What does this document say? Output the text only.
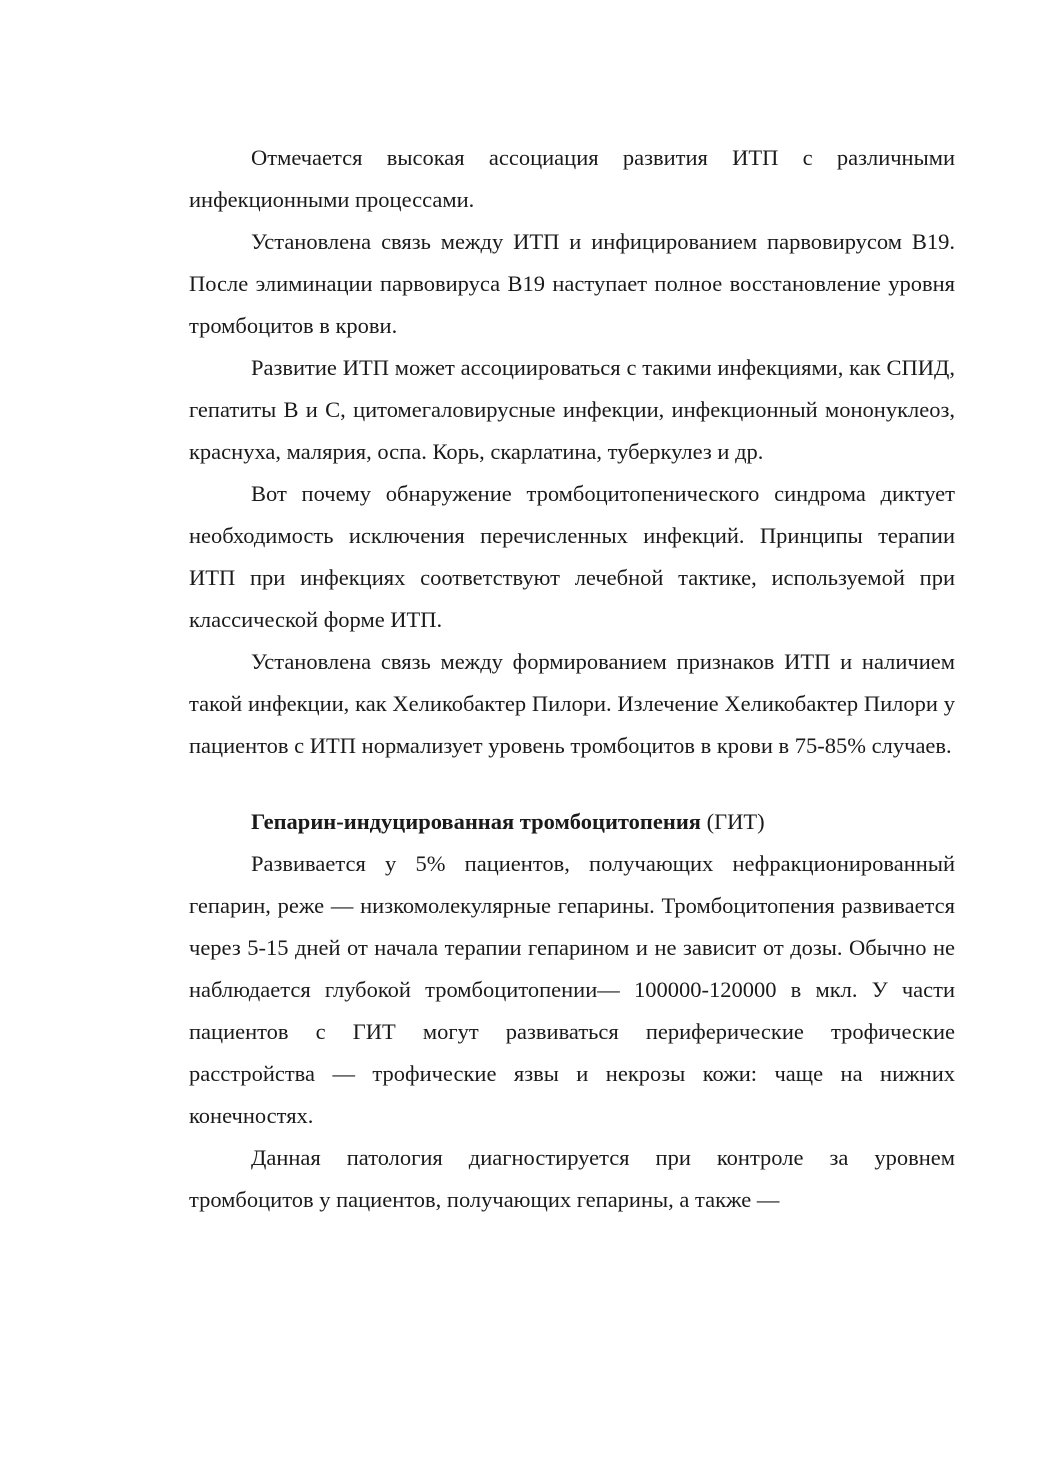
Отмечается высокая ассоциация развития ИТП с различными инфекционными процессами.

Установлена связь между ИТП и инфицированием парвовирусом В19. После элиминации парвовируса В19 наступает полное восстановление уровня тромбоцитов в крови.

Развитие ИТП может ассоциироваться с такими инфекциями, как СПИД, гепатиты В и С, цитомегаловирусные инфекции, инфекционный мононуклеоз, краснуха, малярия, оспа. Корь, скарлатина, туберкулез и др.

Вот почему обнаружение тромбоцитопенического синдрома диктует необходимость исключения перечисленных инфекций. Принципы терапии ИТП при инфекциях соответствуют лечебной тактике, используемой при классической форме ИТП.

Установлена связь между формированием признаков ИТП и наличием такой инфекции, как Хеликобактер Пилори. Излечение Хеликобактер Пилори у пациентов с ИТП нормализует уровень тромбоцитов в крови в 75-85% случаев.

Гепарин-индуцированная тромбоцитопения (ГИТ)

Развивается у 5% пациентов, получающих нефракционированный гепарин, реже — низкомолекулярные гепарины. Тромбоцитопения развивается через 5-15 дней от начала терапии гепарином и не зависит от дозы. Обычно не наблюдается глубокой тромбоцитопении— 100000-120000 в мкл. У части пациентов с ГИТ могут развиваться периферические трофические расстройства — трофические язвы и некрозы кожи: чаще на нижних конечностях.

Данная патология диагностируется при контроле за уровнем тромбоцитов у пациентов, получающих гепарины, а также —
